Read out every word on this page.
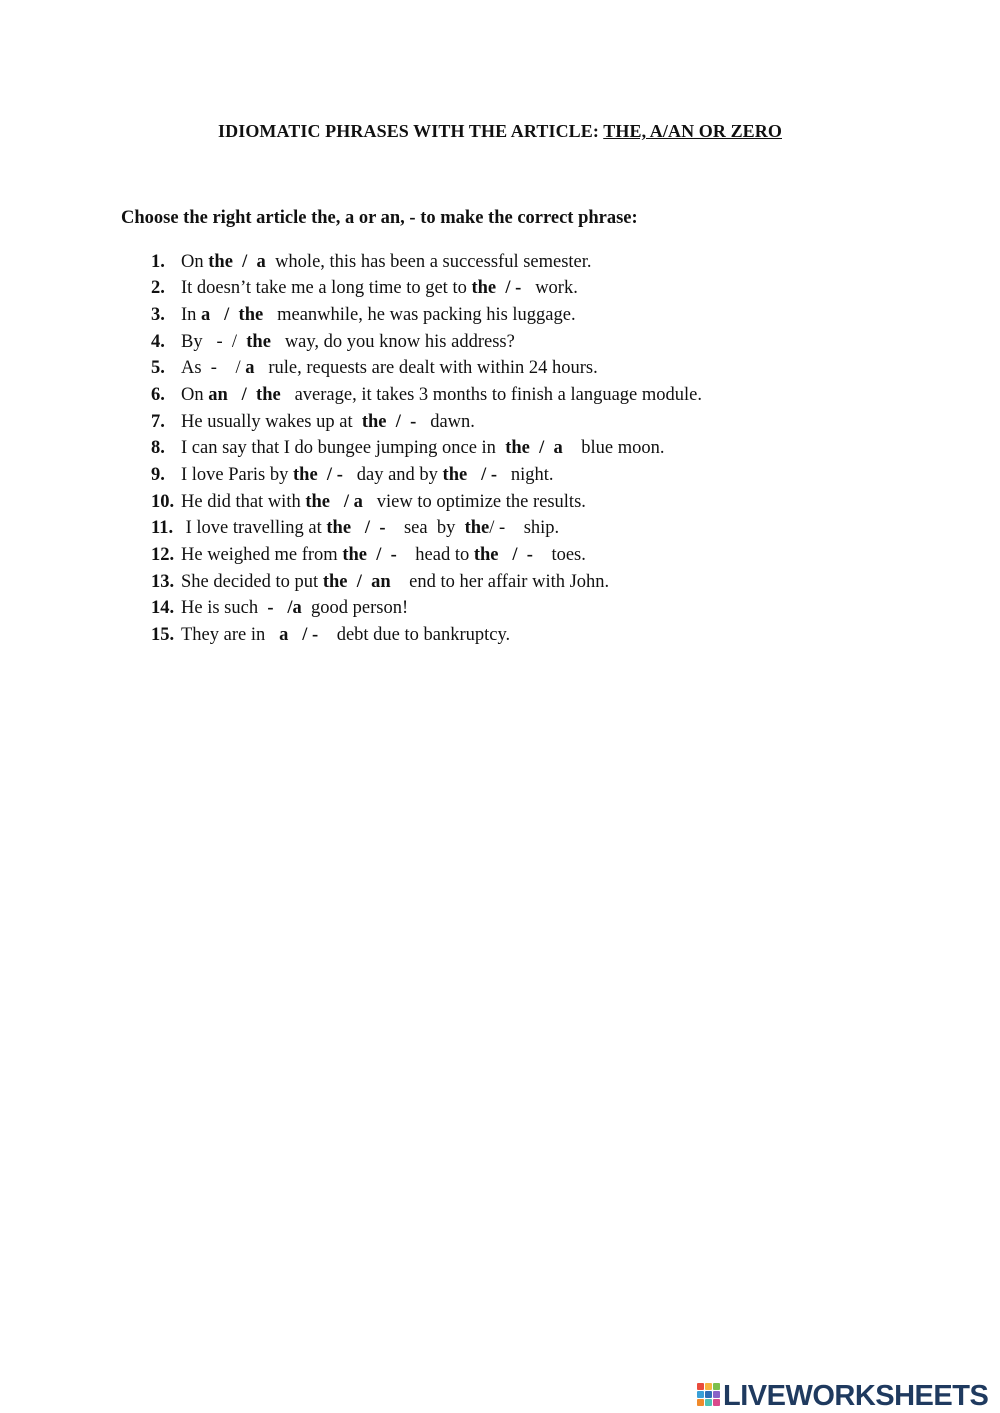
IDIOMATIC PHRASES WITH THE ARTICLE: THE, A/AN OR ZERO
Choose the right article the, a or an, - to make the correct phrase:
1. On the  /  a  whole, this has been a successful semester.
2. It doesn’t take me a long time to get to the  / -   work.
3. In a   /  the   meanwhile, he was packing his luggage.
4. By   -  /  the   way, do you know his address?
5. As  -    / a   rule, requests are dealt with within 24 hours.
6. On an   /  the   average, it takes 3 months to finish a language module.
7. He usually wakes up at  the  /  -   dawn.
8. I can say that I do bungee jumping once in  the  /  a    blue moon.
9. I love Paris by the  / -   day and by the   / -   night.
10. He did that with the   / a   view to optimize the results.
11. I love travelling at the   /  -    sea  by  the/ -    ship.
12. He weighed me from the  /  -    head to the   /  -    toes.
13. She decided to put the  /  an    end to her affair with John.
14. He is such  -   /a  good person!
15. They are in   a   / -    debt due to bankruptcy.
LIVEWORKSHEETS
